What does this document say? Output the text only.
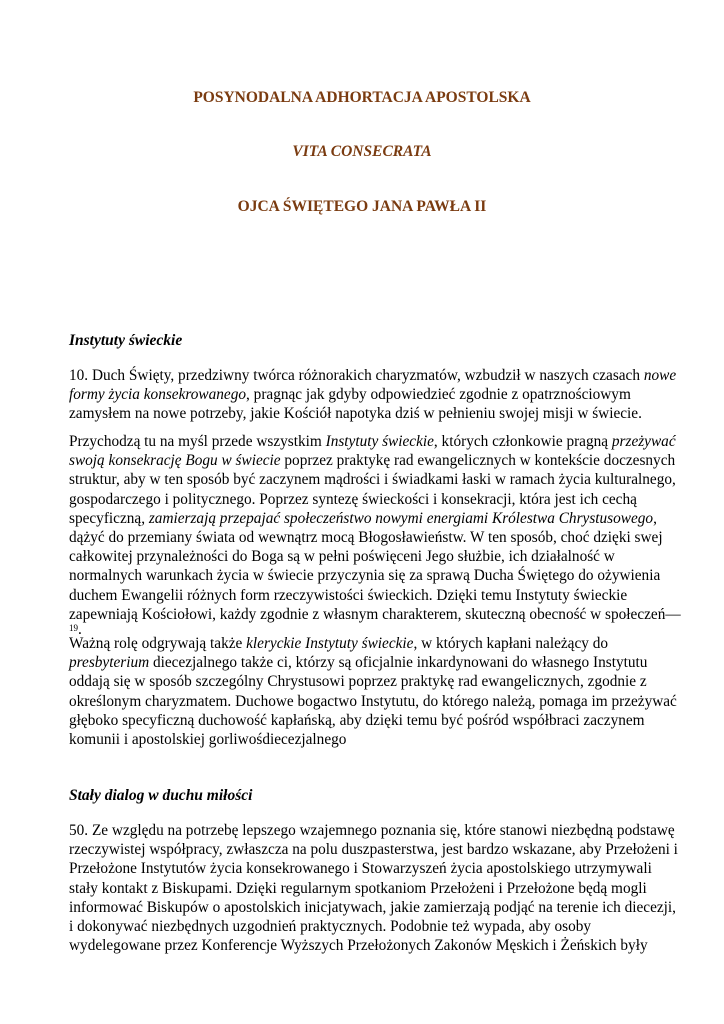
POSYNODALNA ADHORTACJA APOSTOLSKA
VITA CONSECRATA
OJCA ŚWIĘTEGO JANA PAWŁA II
Instytuty świeckie

10. Duch Święty, przedziwny twórca różnorakich charyzmatów, wzbudził w naszych czasach nowe
formy życia konsekrowanego, pragnąc jak gdyby odpowiedzieć zgodnie z opatrznościowym
zamysłem na nowe potrzeby, jakie Kościół napotyka dziś w pełnieniu swojej misji w świecie.

Przychodzą tu na myśl przede wszystkim Instytuty świeckie, których członkowie pragną przeżywać
swoją konsekrację Bogu w świecie poprzez praktykę rad ewangelicznych w kontekście doczesnych
struktur, aby w ten sposób być zaczynem mądrości i świadkami łaski w ramach życia kulturalnego,
gospodarczego i politycznego. Poprzez syntezę świeckości i konsekracji, która jest ich cechą
specyficzną, zamierzają przepajać społeczeństwo nowymi energiami Królestwa Chrystusowego,
dążyć do przemiany świata od wewnątrz mocą Błogosławieństw. W ten sposób, choć dzięki swej
całkowitej przynależności do Boga są w pełni poświęceni Jego służbie, ich działalność w
normalnych warunkach życia w świecie przyczynia się za sprawą Ducha Świętego do ożywienia
duchem Ewangelii różnych form rzeczywistości świeckich. Dzięki temu Instytuty świeckie
zapewniają Kościołowi, każdy zgodnie z własnym charakterem, skuteczną obecność w społeczeń—
$^{19}$.

Ważną rolę odgrywają także kleryckie Instytuty świeckie, w których kapłani należący do
presbyterium diecezjalnego także ci, którzy są oficjalnie inkardynowani do własnego Instytutu
oddają się w sposób szczególny Chrystusowi poprzez praktykę rad ewangelicznych, zgodnie z
określonym charyzmatem. Duchowe bogactwo Instytutu, do którego należą, pomaga im przeżywać
głęboko specyficzną duchowość kapłańską, aby dzięki temu być pośród współbraci zaczynem
komunii i apostolskiej gorliwośdiecezjalnego

Stały dialog w duchu miłości

50. Ze względu na potrzebę lepszego wzajemnego poznania się, które stanowi niezbędną podstawę
rzeczywistej współpracy, zwłaszcza na polu duszpasterstwa, jest bardzo wskazane, aby Przełożeni i
Przełożone Instytutów życia konsekrowanego i Stowarzyszeń życia apostolskiego utrzymywali
stały kontakt z Biskupami. Dzięki regularnym spotkaniom Przełożeni i Przełożone będą mogli
informować Biskupów o apostolskich inicjatywach, jakie zamierzają podjąć na terenie ich diecezji,
i dokonywać niezbędnych uzgodnień praktycznych. Podobnie też wypada, aby osoby
wydelegowane przez Konferencje Wyższych Przełożonych Zakonów Męskich i Żeńskich były
